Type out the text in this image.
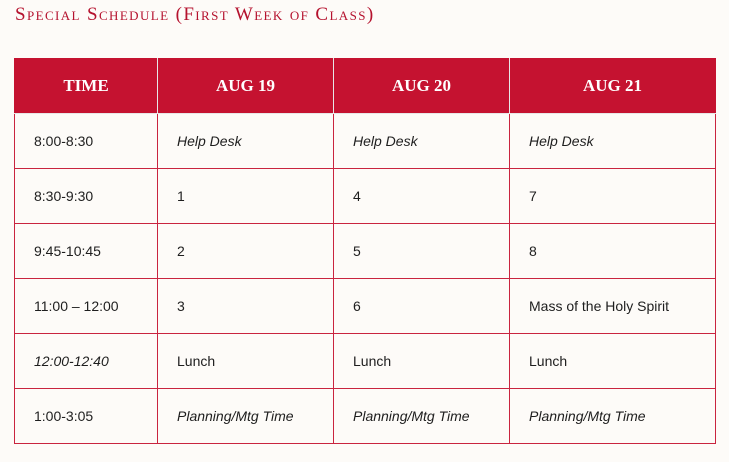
Special Schedule (First Week of Class)
TIME	AUG 19	AUG 20	AUG 21
8:00-8:30	Help Desk	Help Desk	Help Desk
8:30-9:30	1	4	7
9:45-10:45	2	5	8
11:00 – 12:00	3	6	Mass of the Holy Spirit
12:00-12:40	Lunch	Lunch	Lunch
1:00-3:05	Planning/Mtg Time	Planning/Mtg Time	Planning/Mtg Time
